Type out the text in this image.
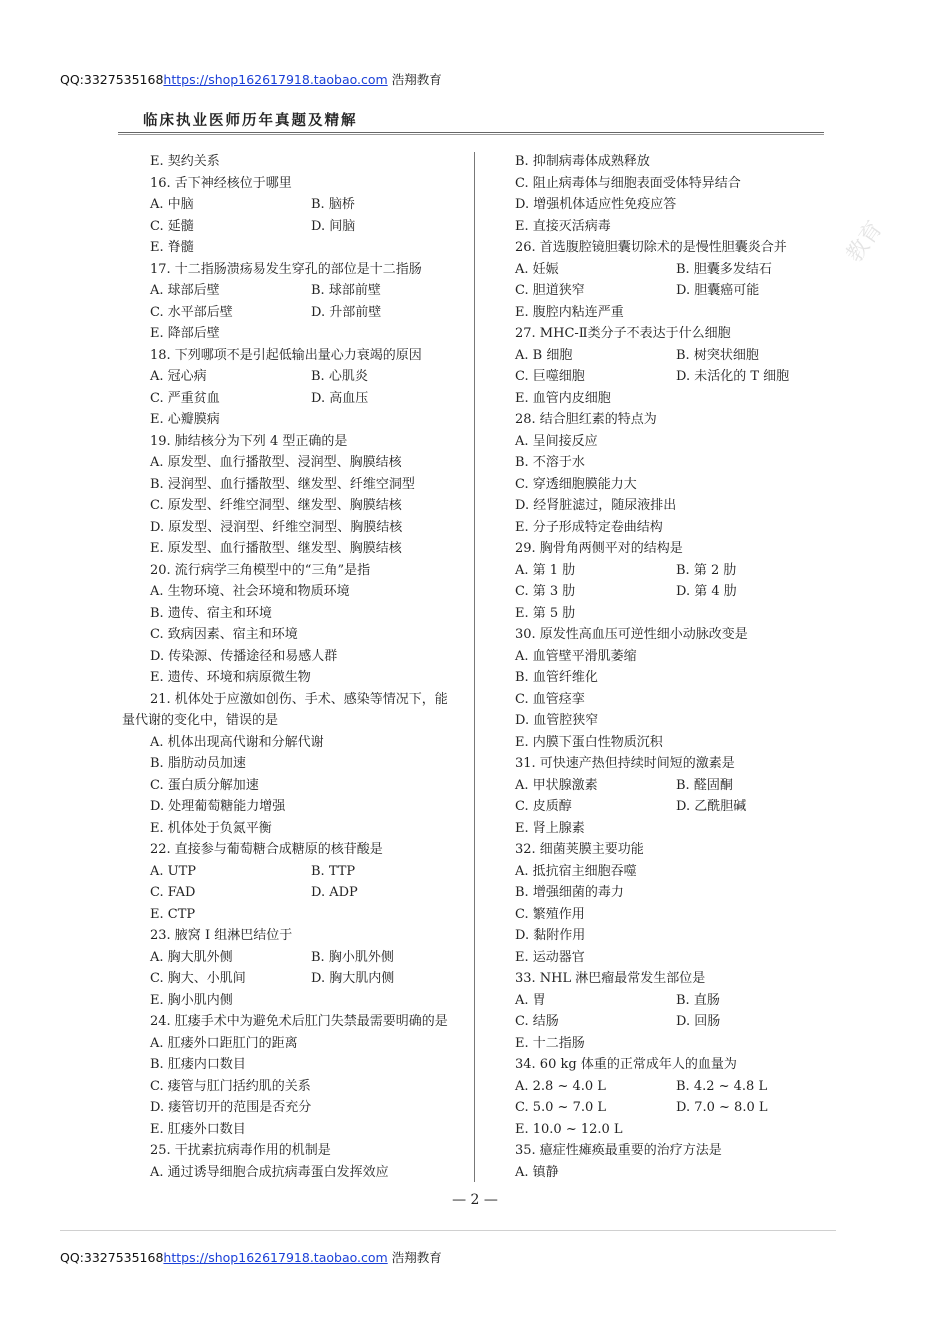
QQ:3327535168https://shop162617918.taobao.com 浩翔教育
临床执业医师历年真题及精解
教育
E. 契约关系
16. 舌下神经核位于哪里
A. 中脑	B. 脑桥
C. 延髓	D. 间脑
E. 脊髓
17. 十二指肠溃疡易发生穿孔的部位是十二指肠
A. 球部后壁	B. 球部前壁
C. 水平部后壁	D. 升部前壁
E. 降部后壁
18. 下列哪项不是引起低输出量心力衰竭的原因
A. 冠心病	B. 心肌炎
C. 严重贫血	D. 高血压
E. 心瓣膜病
19. 肺结核分为下列 4 型正确的是
A. 原发型、血行播散型、浸润型、胸膜结核
B. 浸润型、血行播散型、继发型、纤维空洞型
C. 原发型、纤维空洞型、继发型、胸膜结核
D. 原发型、浸润型、纤维空洞型、胸膜结核
E. 原发型、血行播散型、继发型、胸膜结核
20. 流行病学三角模型中的“三角”是指
A. 生物环境、社会环境和物质环境
B. 遗传、宿主和环境
C. 致病因素、宿主和环境
D. 传染源、传播途径和易感人群
E. 遗传、环境和病原微生物
21. 机体处于应激如创伤、手术、感染等情况下，能
量代谢的变化中，错误的是
A. 机体出现高代谢和分解代谢
B. 脂肪动员加速
C. 蛋白质分解加速
D. 处理葡萄糖能力增强
E. 机体处于负氮平衡
22. 直接参与葡萄糖合成糖原的核苷酸是
A. UTP	B. TTP
C. FAD	D. ADP
E. CTP
23. 腋窝 Ⅰ 组淋巴结位于
A. 胸大肌外侧	B. 胸小肌外侧
C. 胸大、小肌间	D. 胸大肌内侧
E. 胸小肌内侧
24. 肛瘘手术中为避免术后肛门失禁最需要明确的是
A. 肛瘘外口距肛门的距离
B. 肛瘘内口数目
C. 瘘管与肛门括约肌的关系
D. 瘘管切开的范围是否充分
E. 肛瘘外口数目
25. 干扰素抗病毒作用的机制是
A. 通过诱导细胞合成抗病毒蛋白发挥效应
B. 抑制病毒体成熟释放
C. 阻止病毒体与细胞表面受体特异结合
D. 增强机体适应性免疫应答
E. 直接灭活病毒
26. 首选腹腔镜胆囊切除术的是慢性胆囊炎合并
A. 妊娠	B. 胆囊多发结石
C. 胆道狭窄	D. 胆囊癌可能
E. 腹腔内粘连严重
27. MHC-Ⅱ类分子不表达于什么细胞
A. B 细胞	B. 树突状细胞
C. 巨噬细胞	D. 未活化的 T 细胞
E. 血管内皮细胞
28. 结合胆红素的特点为
A. 呈间接反应
B. 不溶于水
C. 穿透细胞膜能力大
D. 经肾脏滤过，随尿液排出
E. 分子形成特定卷曲结构
29. 胸骨角两侧平对的结构是
A. 第 1 肋	B. 第 2 肋
C. 第 3 肋	D. 第 4 肋
E. 第 5 肋
30. 原发性高血压可逆性细小动脉改变是
A. 血管壁平滑肌萎缩
B. 血管纤维化
C. 血管痉挛
D. 血管腔狭窄
E. 内膜下蛋白性物质沉积
31. 可快速产热但持续时间短的激素是
A. 甲状腺激素	B. 醛固酮
C. 皮质醇	D. 乙酰胆碱
E. 肾上腺素
32. 细菌荚膜主要功能
A. 抵抗宿主细胞吞噬
B. 增强细菌的毒力
C. 繁殖作用
D. 黏附作用
E. 运动器官
33. NHL 淋巴瘤最常发生部位是
A. 胃	B. 直肠
C. 结肠	D. 回肠
E. 十二指肠
34. 60 kg 体重的正常成年人的血量为
A. 2.8 ~ 4.0 L	B. 4.2 ~ 4.8 L
C. 5.0 ~ 7.0 L	D. 7.0 ~ 8.0 L
E. 10.0 ~ 12.0 L
35. 癔症性瘫痪最重要的治疗方法是
A. 镇静
— 2 —
QQ:3327535168https://shop162617918.taobao.com 浩翔教育
